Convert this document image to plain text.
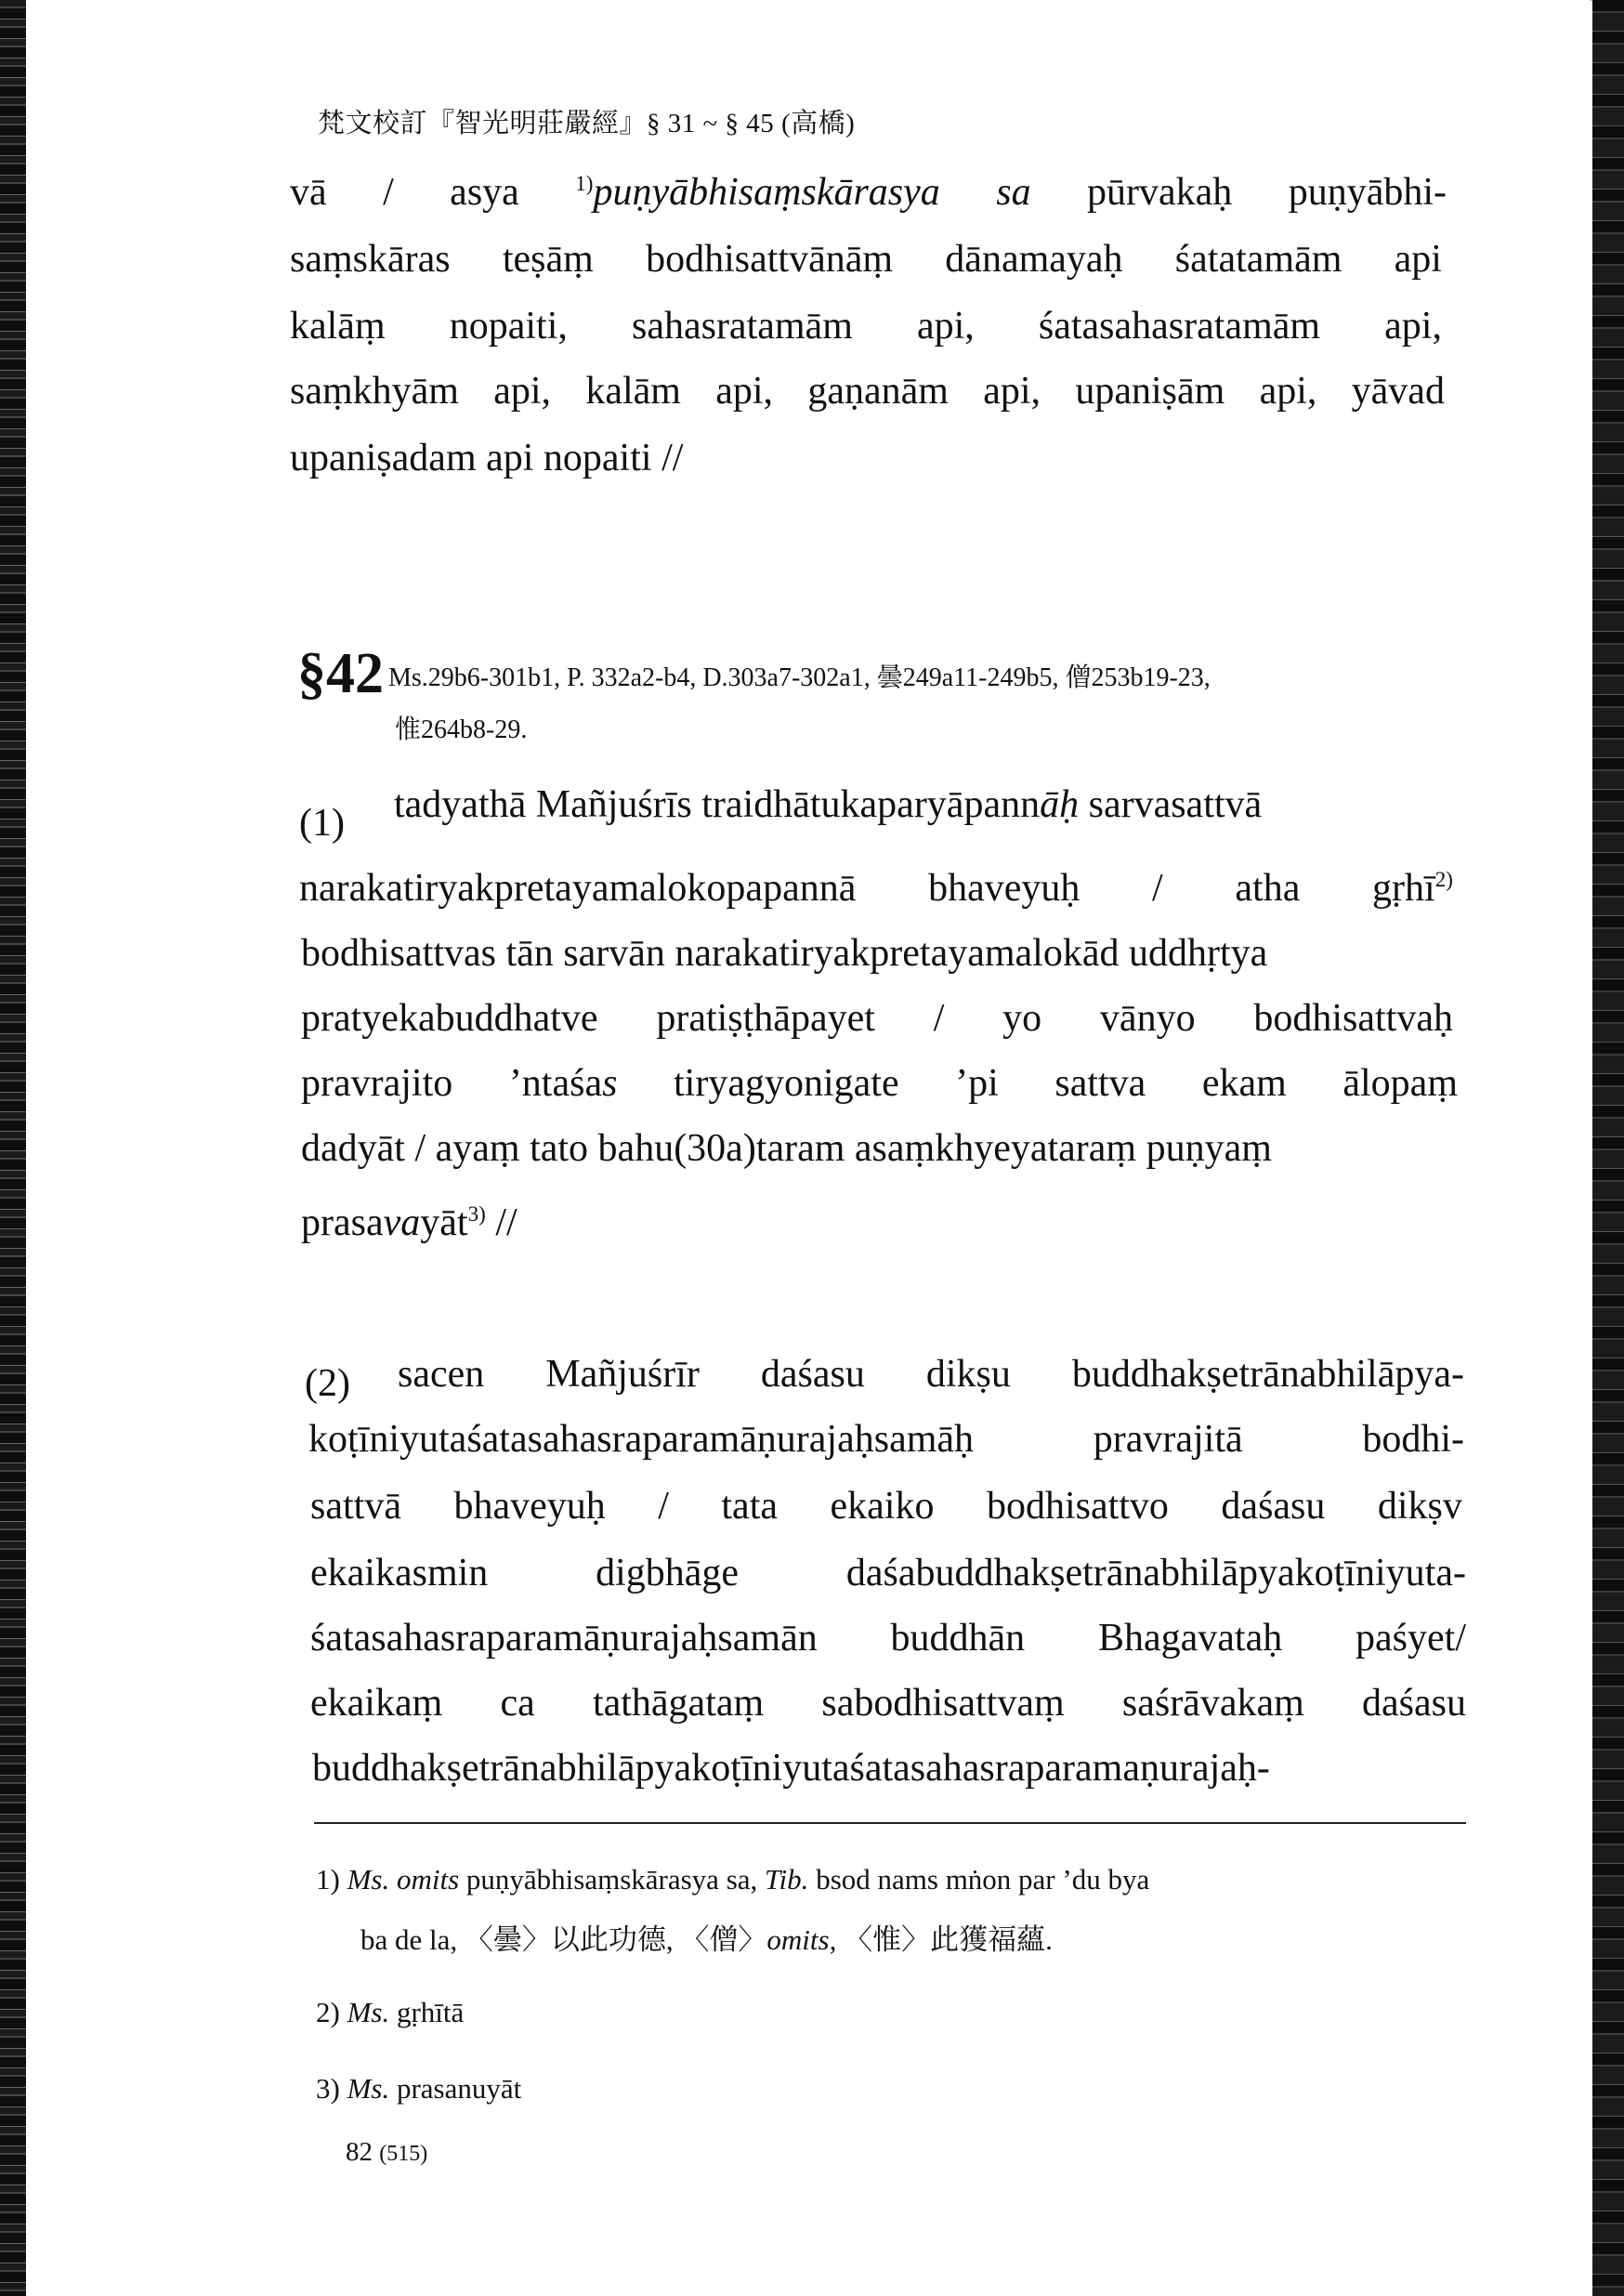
梵文校訂『智光明莊嚴經』§ 31 ~ § 45 (高橋)
vā / asya	$^{1)}$puṇyābhisaṃskārasya sa pūrvakaḥ puṇyābhi-
saṃskāras teṣāṃ bodhisattvānāṃ dānamayaḥ śatatamām api
kalāṃ nopaiti, sahasratamām api, śatasahasratamām api,
saṃkhyām api, kalām api, gaṇanām api, upaniṣām api, yāvad
upaniṣadam api nopaiti //
§42 Ms.29b6-301b1, P. 332a2-b4, D.303a7-302a1, 曇249a11-249b5, 僧253b19-23,
惟264b8-29.
(1) tadyathā Mañjuśrīs traidhātukaparyāpannāḥ sarvasattvā
narakatiryakpretayamalokopapannā bhaveyuḥ / atha gṛhī$^{2)}$
bodhisattvas tān sarvān narakatiryakpretayamalokād uddhṛtya
pratyekabuddhatve pratiṣṭhāpayet / yo vānyo bodhisattvaḥ
pravrajito ’ntaśas tiryagyonigate ’pi sattva ekam ālopaṃ
dadyāt / ayaṃ tato bahu(30a)taram asaṃkhyeyataraṃ puṇyaṃ
prasavayāt$^{3)}$ //
(2) sacen Mañjuśrīr daśasu dikṣu buddhakṣetrānabhilāpya-
koṭīniyutaśatasahasraparamāṇurajaḥsamāḥ	pravrajitā	bodhi-
sattvā bhaveyuḥ / tata ekaiko bodhisattvo daśasu dikṣv
ekaikasmin	digbhāge	daśabuddhakṣetrānabhilāpyakoṭīniyuta-
śatasahasraparamāṇurajaḥsamān buddhān Bhagavataḥ paśyet/
ekaikaṃ ca tathāgataṃ sabodhisattvaṃ saśrāvakaṃ daśasu
buddhakṣetrānabhilāpyakoṭīniyutaśatasahasraparamaṇurajaḥ-
1) Ms. omits puṇyābhisaṃskārasya sa, Tib. bsod nams mṅon par ’du bya
ba de la, 〈曇〉以此功德, 〈僧〉omits, 〈惟〉此獲福蘊.
2) Ms. gṛhītā
3) Ms. prasanuyāt
82 (515)
